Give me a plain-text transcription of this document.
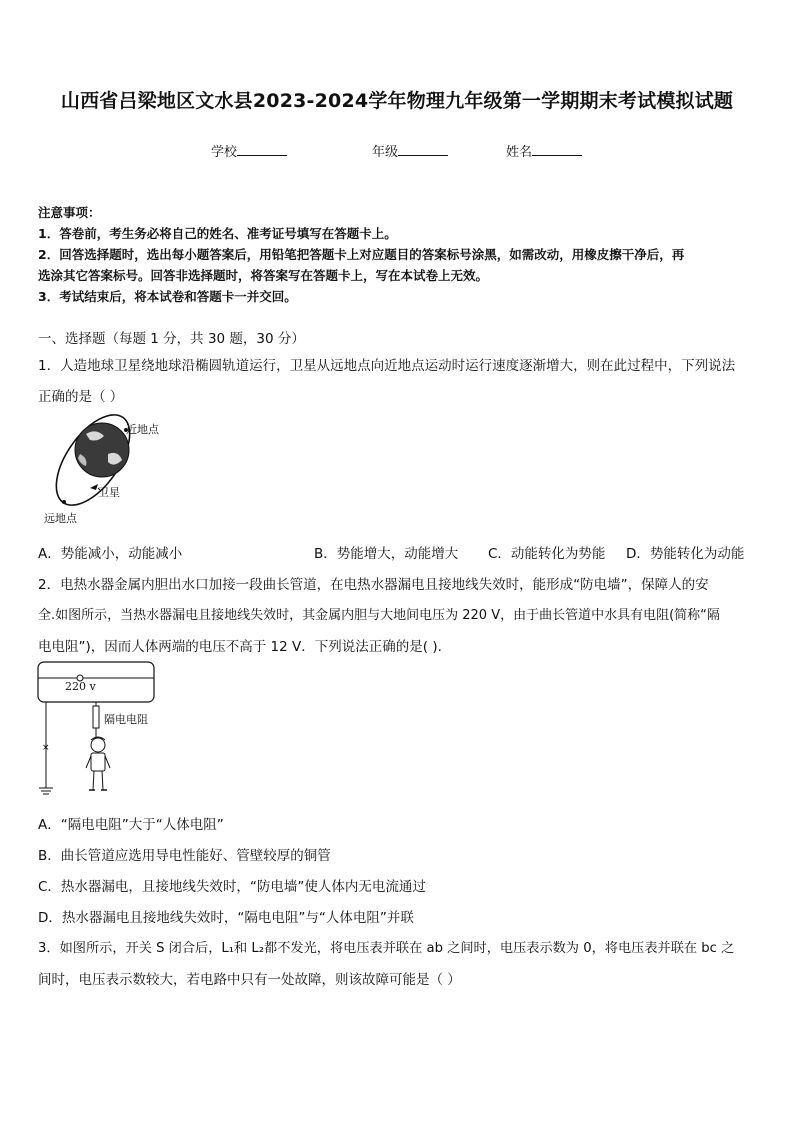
山西省吕梁地区文水县2023-2024学年物理九年级第一学期期末考试模拟试题
学校	年级	姓名
注意事项：
1．答卷前，考生务必将自己的姓名、准考证号填写在答题卡上。
2．回答选择题时，选出每小题答案后，用铅笔把答题卡上对应题目的答案标号涂黑，如需改动，用橡皮擦干净后，再
选涂其它答案标号。回答非选择题时，将答案写在答题卡上，写在本试卷上无效。
3．考试结束后，将本试卷和答题卡一并交回。
一、选择题（每题 1 分，共 30 题，30 分）
1．人造地球卫星绕地球沿椭圆轨道运行，卫星从远地点向近地点运动时运行速度逐渐增大，则在此过程中，下列说法
正确的是（ ）
近地点
卫星
远地点
A．势能减小，动能减小	B．势能增大，动能增大 C．动能转化为势能 D．势能转化为动能
2．电热水器金属内胆出水口加接一段曲长管道，在电热水器漏电且接地线失效时，能形成“防电墙”，保障人的安
全.如图所示，当热水器漏电且接地线失效时，其金属内胆与大地间电压为 220 V，由于曲长管道中水具有电阻(简称“隔
电电阻”)，因而人体两端的电压不高于 12 V．下列说法正确的是( ).
×
220 v
隔电电阻
A．“隔电电阻”大于“人体电阻”
B．曲长管道应选用导电性能好、管壁较厚的铜管
C．热水器漏电，且接地线失效时，“防电墙”使人体内无电流通过
D．热水器漏电且接地线失效时，“隔电电阻”与“人体电阻”并联
3．如图所示，开关 S 闭合后，L₁和 L₂都不发光，将电压表并联在 ab 之间时，电压表示数为 0，将电压表并联在 bc 之
间时，电压表示数较大，若电路中只有一处故障，则该故障可能是（ ）
